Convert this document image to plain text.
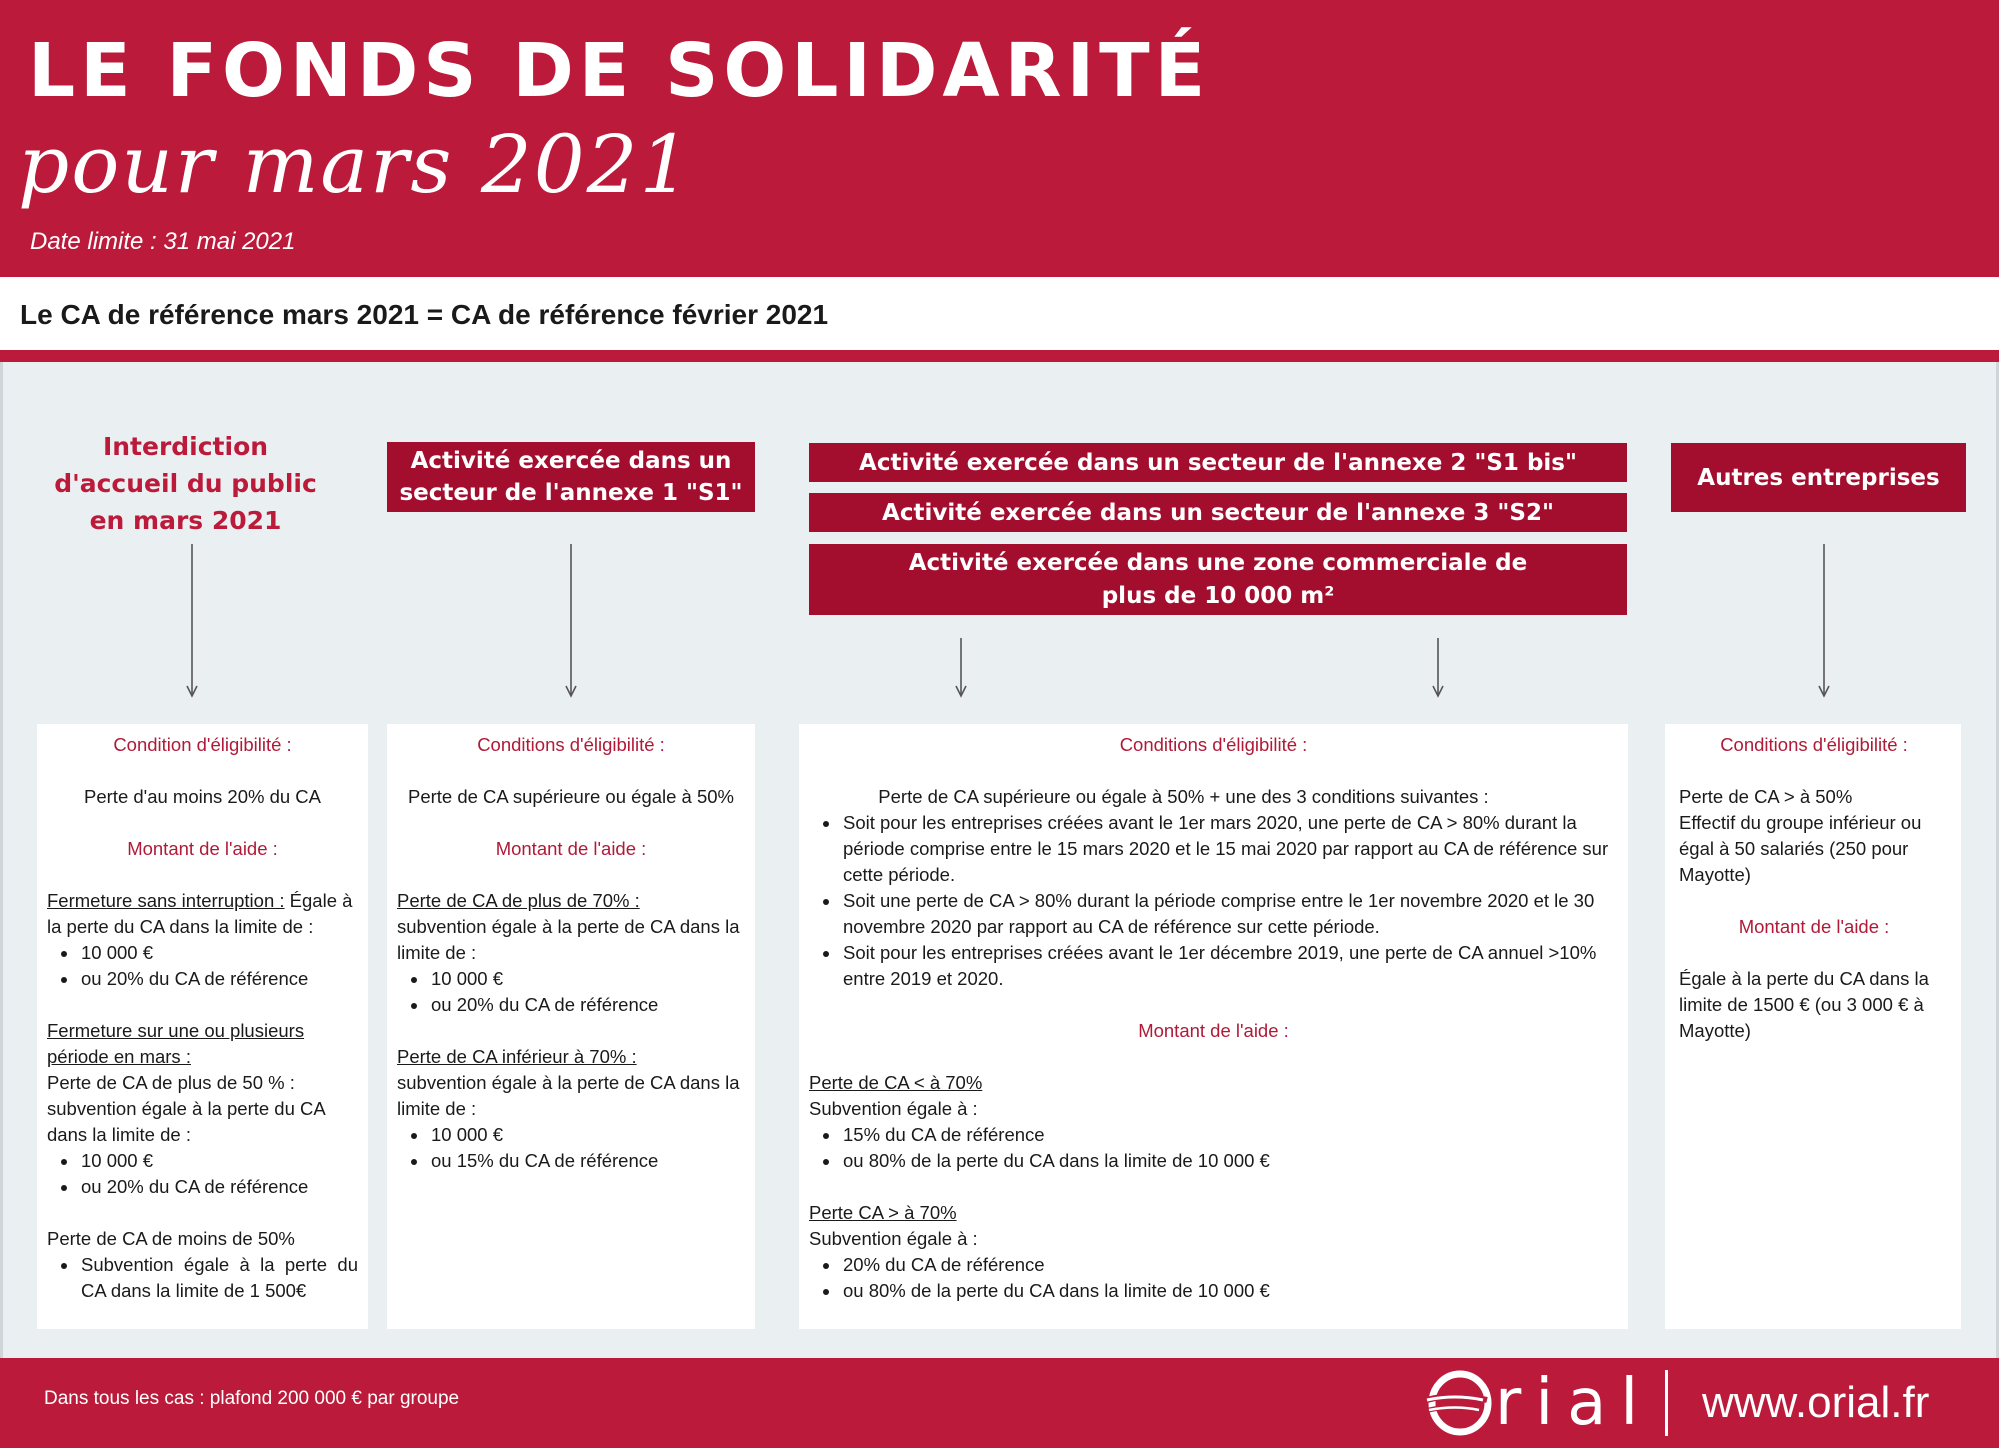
LE FONDS DE SOLIDARITÉ
pour mars 2021
Date limite : 31 mai 2021
Le CA de référence mars 2021 = CA de référence février 2021
Interdiction d'accueil du public en mars 2021
Activité exercée dans un secteur de l'annexe 1 "S1"
Activité exercée dans un secteur de l'annexe 2 "S1 bis"
Activité exercée dans un secteur de l'annexe 3 "S2"
Activité exercée dans une zone commerciale de plus de 10 000 m²
Autres entreprises

Condition d'éligibilité :

Perte d'au moins 20% du CA

Montant de l'aide :

Fermeture sans interruption : Égale à la perte du CA dans la limite de :

• 10 000 €
• ou 20% du CA de référence

Fermeture sur une ou plusieurs période en mars :

Perte de CA de plus de 50 % : subvention égale à la perte du CA dans la limite de :

• 10 000 €
• ou 20% du CA de référence

Perte de CA de moins de 50%

• Subvention égale à la perte du CA dans la limite de 1 500€

Conditions d'éligibilité :

Perte de CA supérieure ou égale à 50%

Montant de l'aide :

Perte de CA de plus de 70% :

subvention égale à la perte de CA dans la limite de :

• 10 000 €
• ou 20% du CA de référence

Perte de CA inférieur à 70% :

subvention égale à la perte de CA dans la limite de :

• 10 000 €
• ou 15% du CA de référence

Conditions d'éligibilité :

Perte de CA supérieure ou égale à 50% + une des 3 conditions suivantes :

• Soit pour les entreprises créées avant le 1er mars 2020, une perte de CA > 80% durant la période comprise entre le 15 mars 2020 et le 15 mai 2020 par rapport au CA de référence sur cette période.
• Soit une perte de CA > 80% durant la période comprise entre le 1er novembre 2020 et le 30 novembre 2020 par rapport au CA de référence sur cette période.
• Soit pour les entreprises créées avant le 1er décembre 2019, une perte de CA annuel >10% entre 2019 et 2020.

Montant de l'aide :

Perte de CA < à 70%

Subvention égale à :

• 15% du CA de référence
• ou 80% de la perte du CA dans la limite de 10 000 €

Perte CA > à 70%

Subvention égale à :

• 20% du CA de référence
• ou 80% de la perte du CA dans la limite de 10 000 €

Conditions d'éligibilité :

Perte de CA > à 50%

Effectif du groupe inférieur ou égal à 50 salariés (250 pour Mayotte)

Montant de l'aide :

Égale à la perte du CA dans la limite de 1500 € (ou 3 000 € à Mayotte)

Dans tous les cas : plafond 200 000 € par groupe	rial www.orial.fr
